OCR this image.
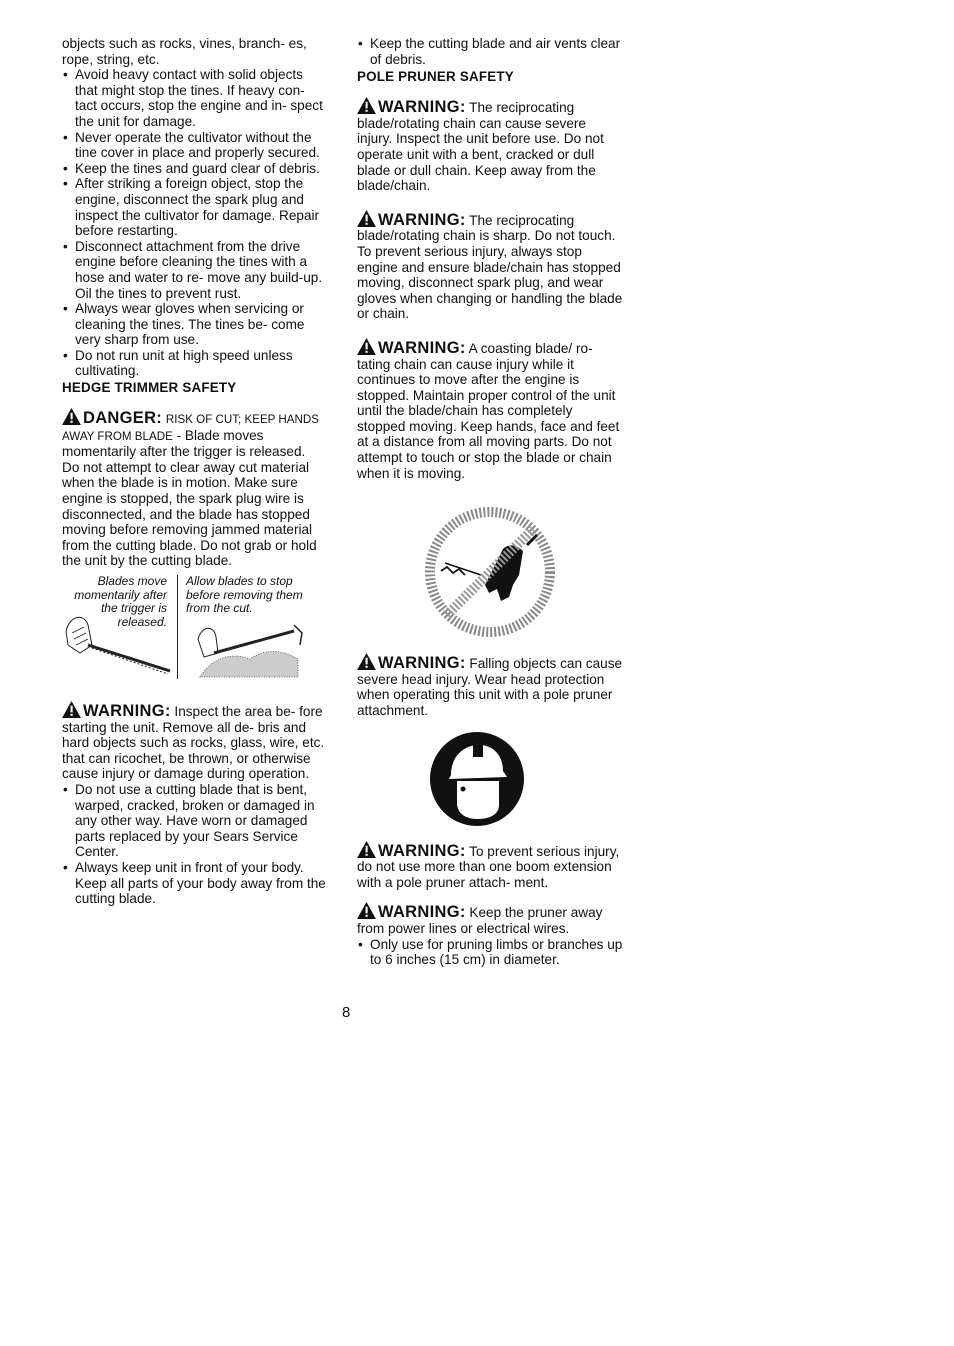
objects such as rocks, vines, branch- es, rope, string, etc.

• Avoid heavy contact with solid objects that might stop the tines. If heavy con- tact occurs, stop the engine and in- spect the unit for damage.
• Never operate the cultivator without the tine cover in place and properly secured.
• Keep the tines and guard clear of debris.
• After striking a foreign object, stop the engine, disconnect the spark plug and inspect the cultivator for damage. Repair before restarting.
• Disconnect attachment from the drive engine before cleaning the tines with a hose and water to re- move any build-up. Oil the tines to prevent rust.
• Always wear gloves when servicing or cleaning the tines. The tines be- come very sharp from use.
• Do not run unit at high speed unless cultivating.
HEDGE TRIMMER SAFETY

DANGER: RISK OF CUT; KEEP HANDS AWAY FROM BLADE - Blade moves momentarily after the trigger is released. Do not attempt to clear away cut material when the blade is in motion. Make sure engine is stopped, the spark plug wire is disconnected, and the blade has stopped moving before removing jammed material from the cutting blade. Do not grab or hold the unit by the cutting blade.

Blades move momentarily after the trigger is released.
Allow blades to stop before removing them from the cut.

WARNING: Inspect the area be- fore starting the unit. Remove all de- bris and hard objects such as rocks, glass, wire, etc. that can ricochet, be thrown, or otherwise cause injury or damage during operation.

• Do not use a cutting blade that is bent, warped, cracked, broken or damaged in any other way. Have worn or damaged parts replaced by your Sears Service Center.
• Always keep unit in front of your body. Keep all parts of your body away from the cutting blade.
• Keep the cutting blade and air vents clear of debris.
POLE PRUNER SAFETY

WARNING: The reciprocating blade/rotating chain can cause severe injury. Inspect the unit before use. Do not operate unit with a bent, cracked or dull blade or dull chain. Keep away from the blade/chain.

WARNING: The reciprocating blade/rotating chain is sharp. Do not touch. To prevent serious injury, always stop engine and ensure blade/chain has stopped moving, disconnect spark plug, and wear gloves when changing or handling the blade or chain.

WARNING: A coasting blade/ ro- tating chain can cause injury while it continues to move after the engine is stopped. Maintain proper control of the unit until the blade/chain has completely stopped moving. Keep hands, face and feet at a distance from all moving parts. Do not attempt to touch or stop the blade or chain when it is moving.

WARNING: Falling objects can cause severe head injury. Wear head protection when operating this unit with a pole pruner attachment.

WARNING: To prevent serious injury, do not use more than one boom extension with a pole pruner attach- ment.

WARNING: Keep the pruner away from power lines or electrical wires.

• Only use for pruning limbs or branches up to 6 inches (15 cm) in diameter.
8
